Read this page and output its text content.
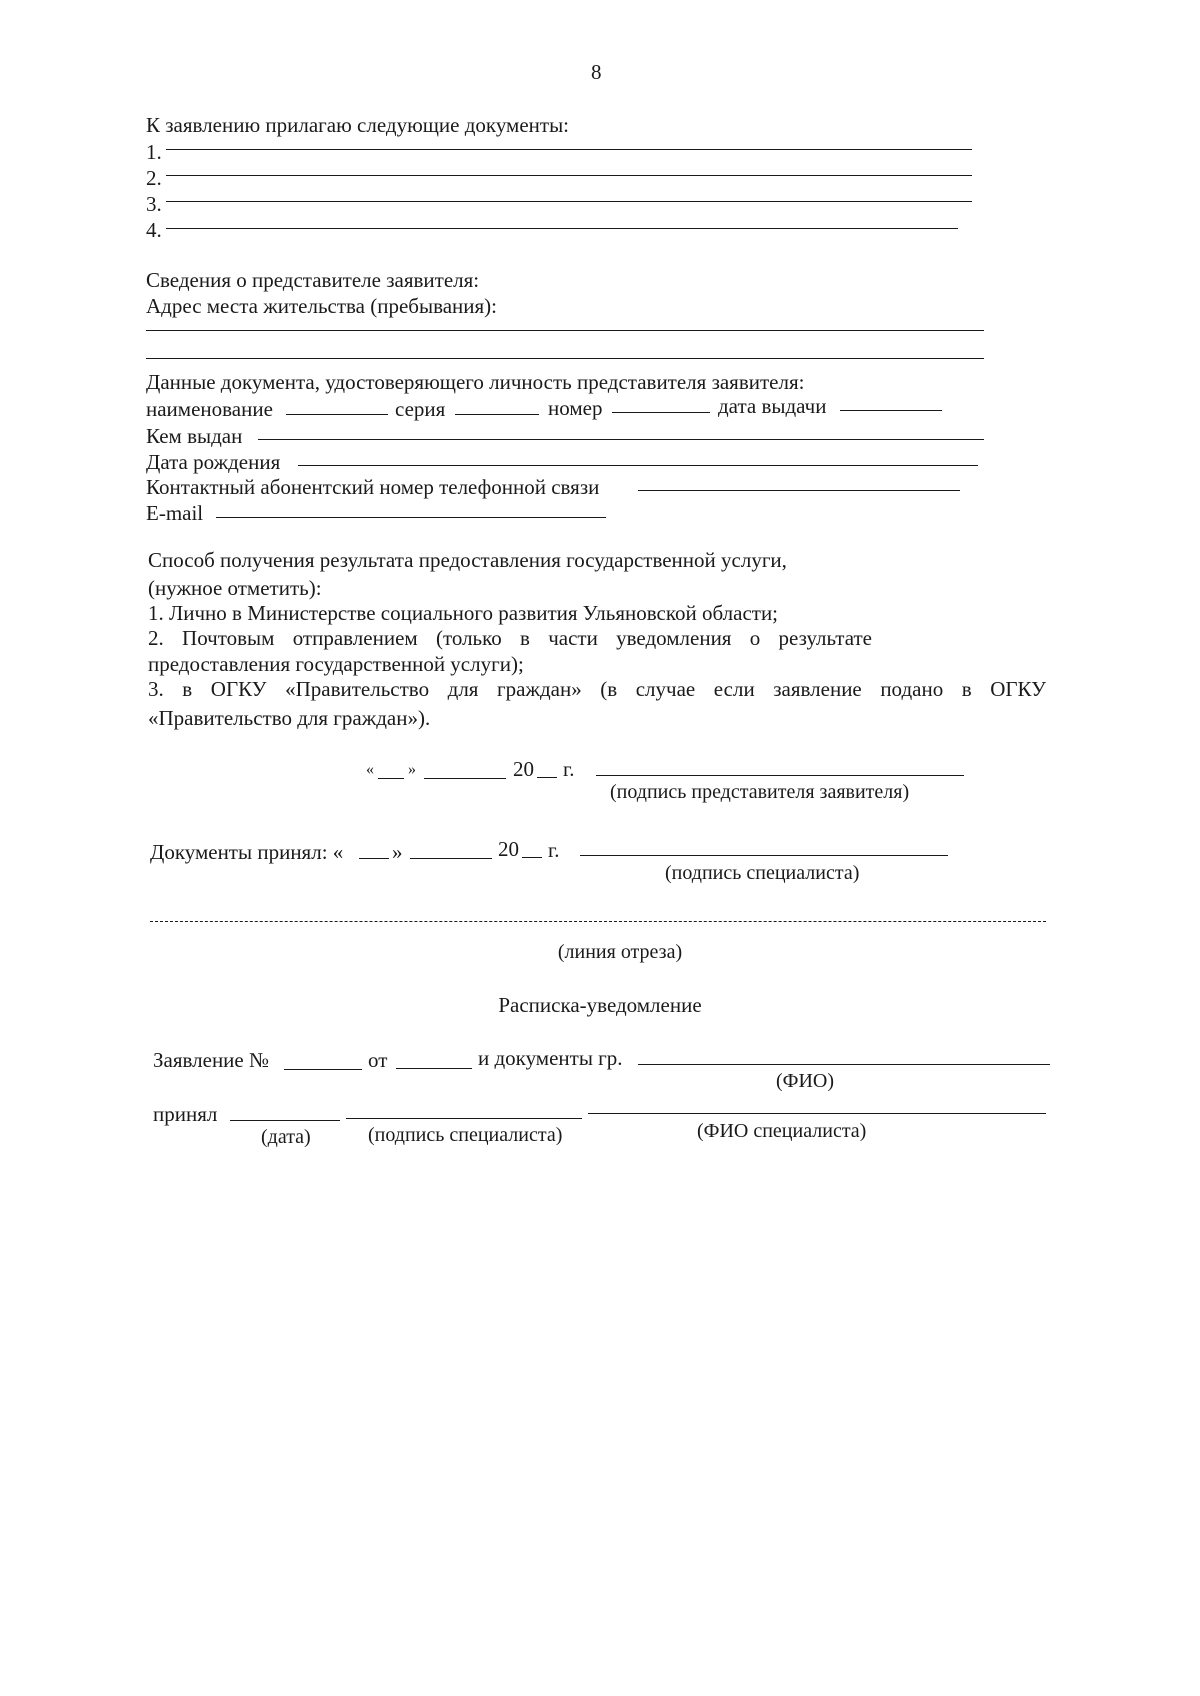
8
К заявлению прилагаю следующие документы:
1.
2.
3.
4.
Сведения о представителе заявителя:
Адрес места жительства (пребывания):
Данные документа, удостоверяющего личность представителя заявителя:
наименование	серия	номер	дата выдачи
Кем выдан
Дата рождения
Контактный абонентский номер телефонной связи
E-mail
Способ получения результата предоставления государственной услуги,
(нужное отметить):
1. Лично в Министерстве социального развития Ульяновской области;
2. Почтовым отправлением (только в части уведомления о результате
предоставления государственной услуги);
3. в ОГКУ «Правительство для граждан» (в случае если заявление подано в ОГКУ
«Правительство для граждан»).
« »	20 г.
(подпись представителя заявителя)
Документы принял: « »	20 г.
(подпись специалиста)
(линия отреза)
Расписка-уведомление
Заявление №	от	и документы гр.
(ФИО)
принял
(дата)	(подпись специалиста)	(ФИО специалиста)
